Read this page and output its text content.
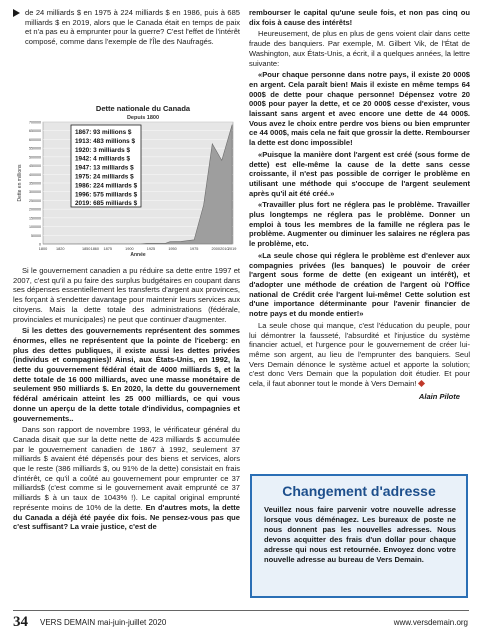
de 24 milliards $ en 1975 à 224 milliards $ en 1986, puis à 685 milliards $ en 2019, alors que le Canada était en temps de paix et n'a pas eu à emprunter pour la guerre? C'est l'effet de l'intérêt composé, comme dans l'exemple de l'Île des Naufragés.

Dette nationale du Canada
Depuis 1800
0
50000
100000
150000
200000
250000
300000
350000
400000
450000
500000
550000
600000
650000
700000
1800 1820	1850 1860 1875	1900	1925	1950	1975	2000 2010 2019
Dette en millions
Année
1867: 93 millions $
1913: 483 millions $
1920: 3 milliards $
1942: 4 milliards $
1947: 13 milliards $
1975: 24 milliards $
1986: 224 milliards $
1996: 575 milliards $
2019: 685 milliards $

Si le gouvernement canadien a pu réduire sa dette entre 1997 et 2007, c'est qu'il a pu faire des surplus budgétaires en coupant dans ses dépenses essentiellement les transferts d'argent aux provinces, les forçant à s'endetter davantage pour maintenir leurs services aux citoyens. Mais la dette totale des administrations (fédérale, provinciales et municipales) ne peut que continuer d'augmenter.

Si les dettes des gouvernements représentent des sommes énormes, elles ne représentent que la pointe de l'iceberg: en plus des dettes publiques, il existe aussi les dettes privées (individus et compagnies)! Ainsi, aux États-Unis, en 1992, la dette du gouvernement fédéral était de 4000 milliards $, et la dette totale de 16 000 milliards, avec une masse monétaire de seulement 950 milliards $. En 2020, la dette du gouvernement fédéral américain atteint les 25 000 milliards, ce qui vous donne un aperçu de la dette totale d'individus, compagnies et gouvernements..

Dans son rapport de novembre 1993, le vérificateur général du Canada disait que sur la dette nette de 423 milliards $ accumulée par le gouvernement canadien de 1867 à 1992, seulement 37 milliards $ avaient été dépensés pour des biens et services, alors que le reste (386 milliards $, ou 91% de la dette) consistait en frais d'intérêt, ce qu'il a coûté au gouvernement pour emprunter ce 37 milliards$ (c'est comme si le gouvernement avait emprunté ce 37 milliards $ à un taux de 1043% !). Le capital original emprunté représente moins de 10% de la dette. En d'autres mots, la dette du Canada a déjà été payée dix fois. Ne pensez-vous pas que c'est suffisant? La vraie justice, c'est de

rembourser le capital qu'une seule fois, et non pas cinq ou dix fois à cause des intérêts!

Heureusement, de plus en plus de gens voient clair dans cette fraude des banquiers. Par exemple, M. Gilbert Vik, de l'État de Washington, aux États-Unis, a écrit, il a quelques années, la lettre suivante:

«Pour chaque personne dans notre pays, il existe 20 000$ en argent. Cela paraît bien! Mais il existe en même temps 64 000$ de dette pour chaque personne! Dépensez votre 20 000$ pour payer la dette, et ce 20 000$ cesse d'exister, vous laissant sans argent et avec encore une dette de 44 000$. Vous avez le choix entre perdre vos biens ou bien emprunter ce 44 000$, mais cela ne fait que grossir la dette. Rembourser la dette est donc impossible!

«Puisque la manière dont l'argent est créé (sous forme de dette) est elle-même la cause de la dette sans cesse croissante, il n'est pas possible de corriger le problème en utilisant une méthode qui s'occupe de l'argent seulement après qu'il ait été créé.»

«Travailler plus fort ne réglera pas le problème. Travailler plus longtemps ne réglera pas le problème. Donner un emploi à tous les membres de la famille ne réglera pas le problème. Augmenter ou diminuer les salaires ne réglera pas le problème, etc.

«La seule chose qui réglera le problème est d'enlever aux compagnies privées (les banques) le pouvoir de créer l'argent sous forme de dette (en exigeant un intérêt), et d'adopter une méthode de création de l'argent où l'Office national de Crédit crée l'argent lui-même! Cette solution est d'une importance déterminante pour l'avenir financier de notre pays et du monde entier!»

La seule chose qui manque, c'est l'éducation du peuple, pour lui démontrer la fausseté, l'absurdité et l'injustice du système financier actuel, et l'urgence pour le gouvernement de créer lui-même son argent, au lieu de l'emprunter des banquiers. Seul Vers Demain dénonce le système actuel et apporte la solution; c'est donc Vers Demain que la population doit étudier. Et pour cela, il faut abonner tout le monde à Vers Demain!

Alain Pilote
Changement d'adresse
Veuillez nous faire parvenir votre nouvelle adresse lorsque vous déménagez. Les bureaux de poste ne nous donnent pas les nouvelles adresses. Nous devons acquitter des frais d'un dollar pour chaque adresse qui nous est retournée. Envoyez donc votre nouvelle adresse au bureau de Vers Demain.
34 VERS DEMAIN mai-juin-juillet 2020	www.versdemain.org
